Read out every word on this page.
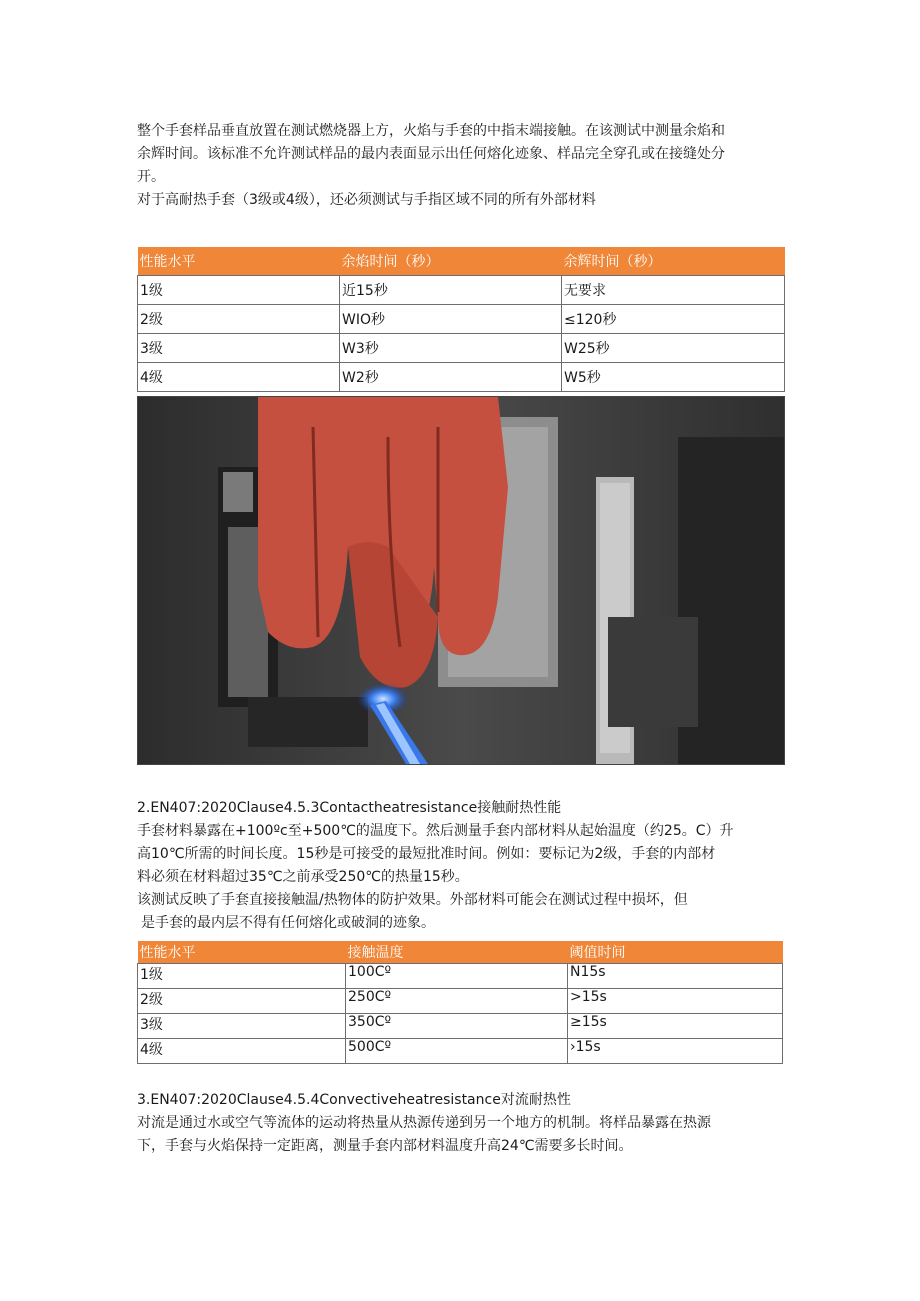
整个手套样品垂直放置在测试燃烧器上方，火焰与手套的中指末端接触。在该测试中测量余焰和
余辉时间。该标准不允许测试样品的最内表面显示出任何熔化迹象、样品完全穿孔或在接缝处分
开。
对于高耐热手套（3级或4级），还必须测试与手指区域不同的所有外部材料
性能水平	余焰时间（秒）	余辉时间（秒）
1级	近15秒	无要求
2级	WIO秒	≤120秒
3级	W3秒	W25秒
4级	W2秒	W5秒
2.EN407:2020Clause4.5.3Contactheatresistance接触耐热性能
手套材料暴露在+100ºc至+500℃的温度下。然后测量手套内部材料从起始温度（约25。C）升
高10℃所需的时间长度。15秒是可接受的最短批准时间。例如：要标记为2级，手套的内部材
料必须在材料超过35℃之前承受250℃的热量15秒。
该测试反映了手套直接接触温/热物体的防护效果。外部材料可能会在测试过程中损坏，但
是手套的最内层不得有任何熔化或破洞的迹象。
性能水平	接触温度	阈值时间
1级	100Cº	N15s
2级	250Cº	>15s
3级	350Cº	≥15s
4级	500Cº	›15s
3.EN407:2020Clause4.5.4Convectiveheatresistance对流耐热性
对流是通过水或空气等流体的运动将热量从热源传递到另一个地方的机制。将样品暴露在热源
下，手套与火焰保持一定距离，测量手套内部材料温度升高24℃需要多长时间。
